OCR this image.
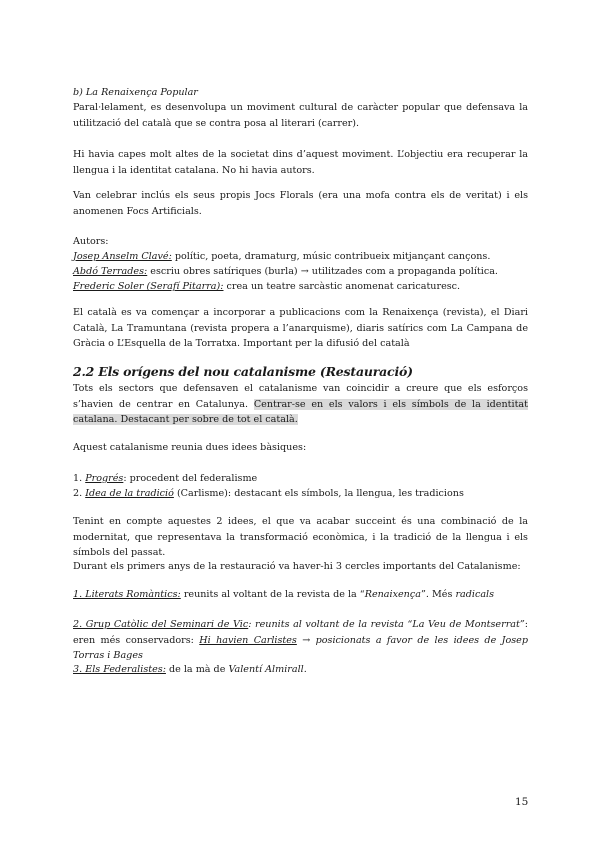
b) La Renaixença Popular

Paral·lelament, es desenvolupa un moviment cultural de caràcter popular que defensava la utilització del català que se contra posa al literari (carrer).

Hi havia capes molt altes de la societat dins d’aquest moviment. L’objectiu era recuperar la llengua i la identitat catalana. No hi havia autors.

Van celebrar inclús els seus propis Jocs Florals (era una mofa contra els de veritat) i els anomenen Focs Artificials.

Autors:

Josep Anselm Clavé: polític, poeta, dramaturg, músic contribueix mitjançant cançons.

Abdó Terrades: escriu obres satíriques (burla) → utilitzades com a propaganda política.

Frederic Soler (Serafí Pitarra): crea un teatre sarcàstic anomenat caricaturesc.

El català es va començar a incorporar a publicacions com la Renaixença (revista), el Diari Català, La Tramuntana (revista propera a l’anarquisme), diaris satírics com La Campana de Gràcia o L’Esquella de la Torratxa. Important per la difusió del català

2.2 Els orígens del nou catalanisme (Restauració)

Tots els sectors que defensaven el catalanisme van coincidir a creure que els esforços s’havien de centrar en Catalunya. Centrar-se en els valors i els símbols de la identitat catalana. Destacant per sobre de tot el català.

Aquest catalanisme reunia dues idees bàsiques:

1. Progrés: procedent del federalisme

2. Idea de la tradició (Carlisme): destacant els símbols, la llengua, les tradicions

Tenint en compte aquestes 2 idees, el que va acabar succeint és una combinació de la modernitat, que representava la transformació econòmica, i la tradició de la llengua i els símbols del passat.

Durant els primers anys de la restauració va haver-hi 3 cercles importants del Catalanisme:

1. Literats Romàntics: reunits al voltant de la revista de la “Renaixença”. Més radicals

2. Grup Catòlic del Seminari de Vic: reunits al voltant de la revista “La Veu de Montserrat”: eren més conservadors: Hi havien Carlistes → posicionats a favor de les idees de Josep Torras i Bages

3. Els Federalistes: de la mà de Valentí Almirall.

15
